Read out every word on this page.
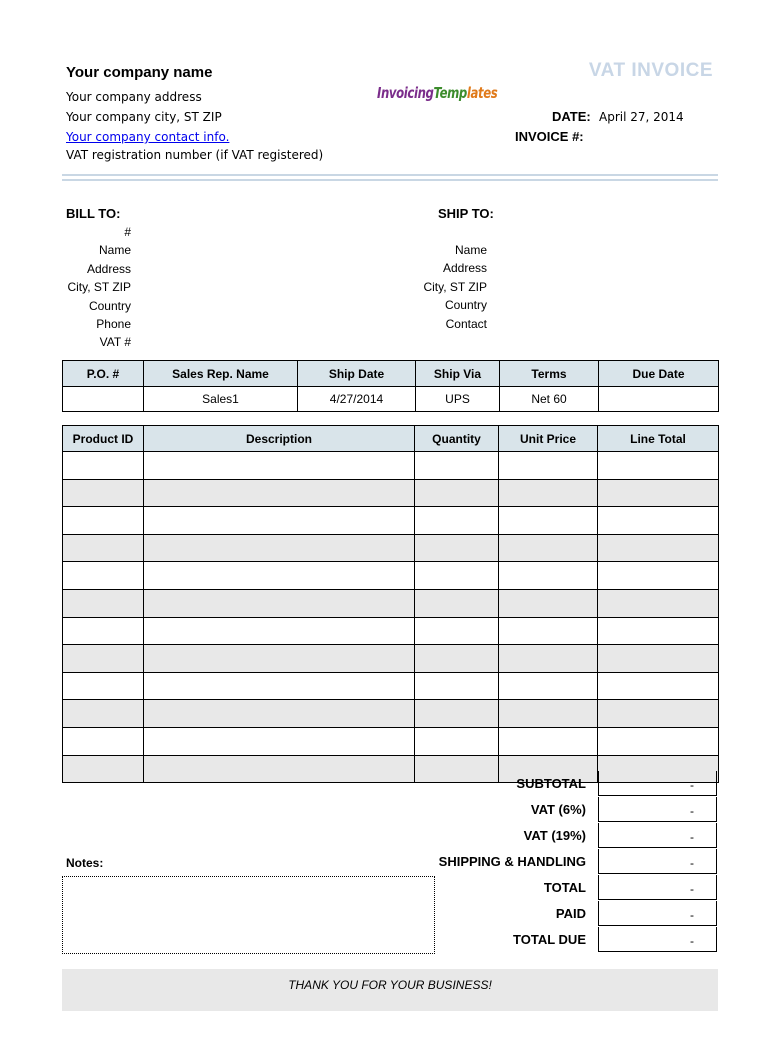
Your company name
Your company address
Your company city, ST ZIP
Your company contact info.
VAT registration number (if VAT registered)
InvoicingTemplates
VAT INVOICE
DATE: April 27, 2014
INVOICE #:
BILL TO:	SHIP TO:
#
Name
Address
City, ST ZIP
Country
Phone
VAT #
Name
Address
City, ST ZIP
Country
Contact
P.O. #	Sales Rep. Name	Ship Date	Ship Via	Terms	Due Date
	Sales1	4/27/2014	UPS	Net 60	
Product ID	Description	Quantity	Unit Price	Line Total

SUBTOTAL	-
VAT (6%)	-
VAT (19%)	-
SHIPPING & HANDLING	-
TOTAL	-
PAID	-
TOTAL DUE	-
Notes:
THANK YOU FOR YOUR BUSINESS!
